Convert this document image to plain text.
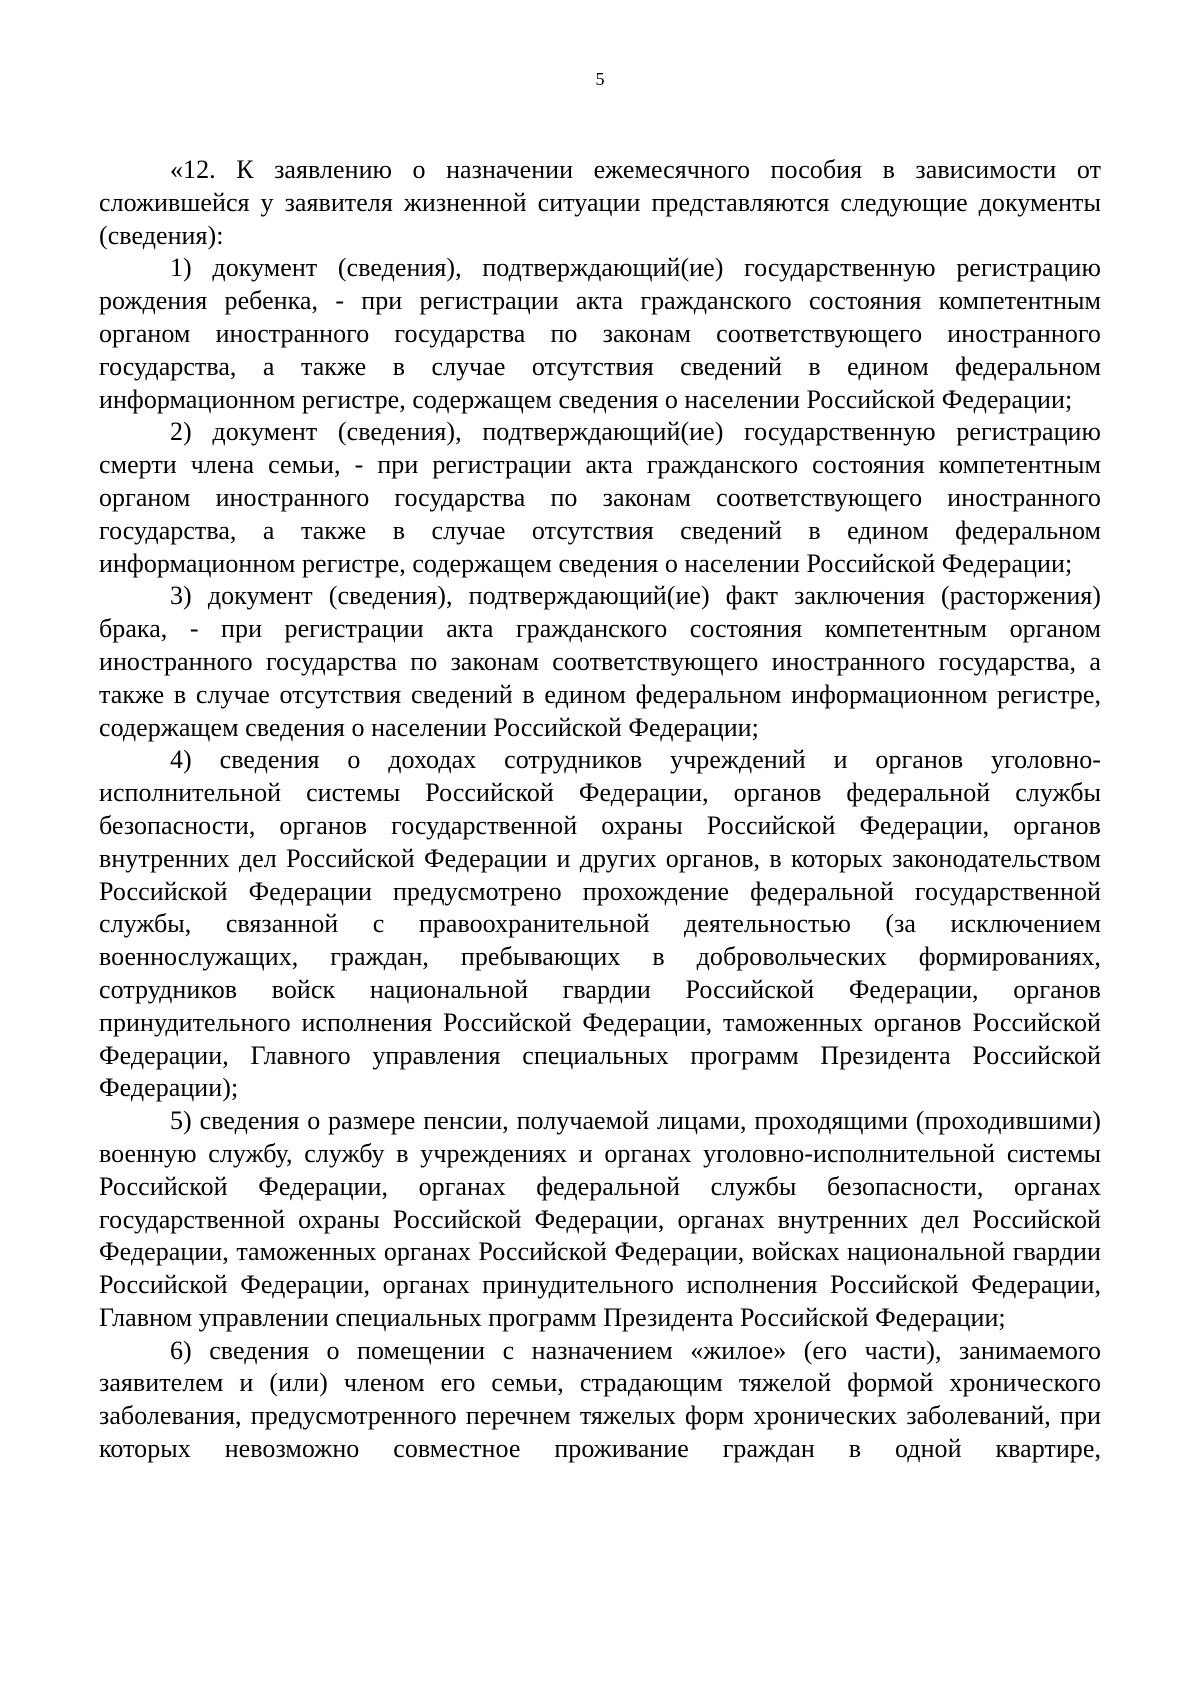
5

«12. К заявлению о назначении ежемесячного пособия в зависимости от сложившейся у заявителя жизненной ситуации представляются следующие документы (сведения):

1) документ (сведения), подтверждающий(ие) государственную регистрацию рождения ребенка, - при регистрации акта гражданского состояния компетентным органом иностранного государства по законам соответствующего иностранного государства, а также в случае отсутствия сведений в едином федеральном информационном регистре, содержащем сведения о населении Российской Федерации;

2) документ (сведения), подтверждающий(ие) государственную регистрацию смерти члена семьи, - при регистрации акта гражданского состояния компетентным органом иностранного государства по законам соответствующего иностранного государства, а также в случае отсутствия сведений в едином федеральном информационном регистре, содержащем сведения о населении Российской Федерации;

3) документ (сведения), подтверждающий(ие) факт заключения (расторжения) брака, - при регистрации акта гражданского состояния компетентным органом иностранного государства по законам соответствующего иностранного государства, а также в случае отсутствия сведений в едином федеральном информационном регистре, содержащем сведения о населении Российской Федерации;

4) сведения о доходах сотрудников учреждений и органов уголовно-исполнительной системы Российской Федерации, органов федеральной службы безопасности, органов государственной охраны Российской Федерации, органов внутренних дел Российской Федерации и других органов, в которых законодательством Российской Федерации предусмотрено прохождение федеральной государственной службы, связанной с правоохранительной деятельностью (за исключением военнослужащих, граждан, пребывающих в добровольческих формированиях, сотрудников войск национальной гвардии Российской Федерации, органов принудительного исполнения Российской Федерации, таможенных органов Российской Федерации, Главного управления специальных программ Президента Российской Федерации);

5) сведения о размере пенсии, получаемой лицами, проходящими (проходившими) военную службу, службу в учреждениях и органах уголовно-исполнительной системы Российской Федерации, органах федеральной службы безопасности, органах государственной охраны Российской Федерации, органах внутренних дел Российской Федерации, таможенных органах Российской Федерации, войсках национальной гвардии Российской Федерации, органах принудительного исполнения Российской Федерации, Главном управлении специальных программ Президента Российской Федерации;

6) сведения о помещении с назначением «жилое» (его части), занимаемого заявителем и (или) членом его семьи, страдающим тяжелой формой хронического заболевания, предусмотренного перечнем тяжелых форм хронических заболеваний, при которых невозможно совместное проживание граждан в одной квартире,
